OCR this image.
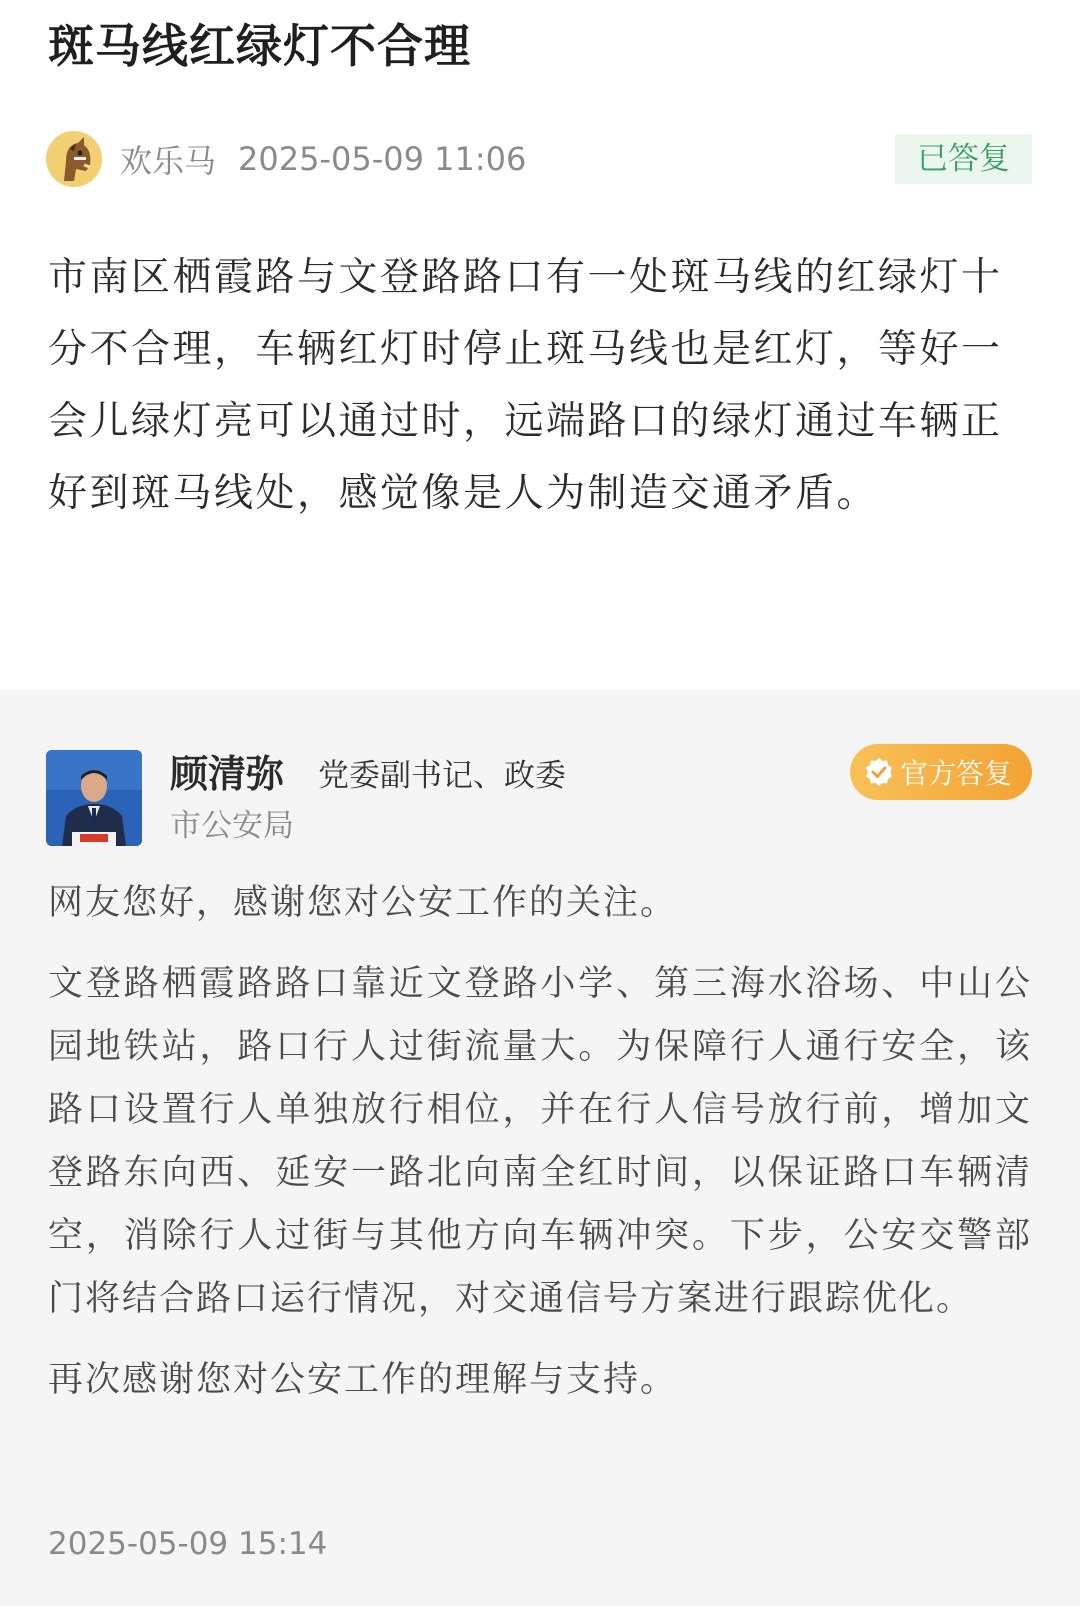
斑马线红绿灯不合理
欢乐马 2025-05-09 11:06	已答复

市南区栖霞路与文登路路口有一处斑马线的红绿灯十分不合理，车辆红灯时停止斑马线也是红灯，等好一会儿绿灯亮可以通过时，远端路口的绿灯通过车辆正好到斑马线处，感觉像是人为制造交通矛盾。

顾清弥 党委副书记、政委
市公安局
官方答复

网友您好，感谢您对公安工作的关注。

文登路栖霞路路口靠近文登路小学、第三海水浴场、中山公园地铁站，路口行人过街流量大。为保障行人通行安全，该路口设置行人单独放行相位，并在行人信号放行前，增加文登路东向西、延安一路北向南全红时间，以保证路口车辆清空，消除行人过街与其他方向车辆冲突。下步，公安交警部门将结合路口运行情况，对交通信号方案进行跟踪优化。

再次感谢您对公安工作的理解与支持。

2025-05-09 15:14
